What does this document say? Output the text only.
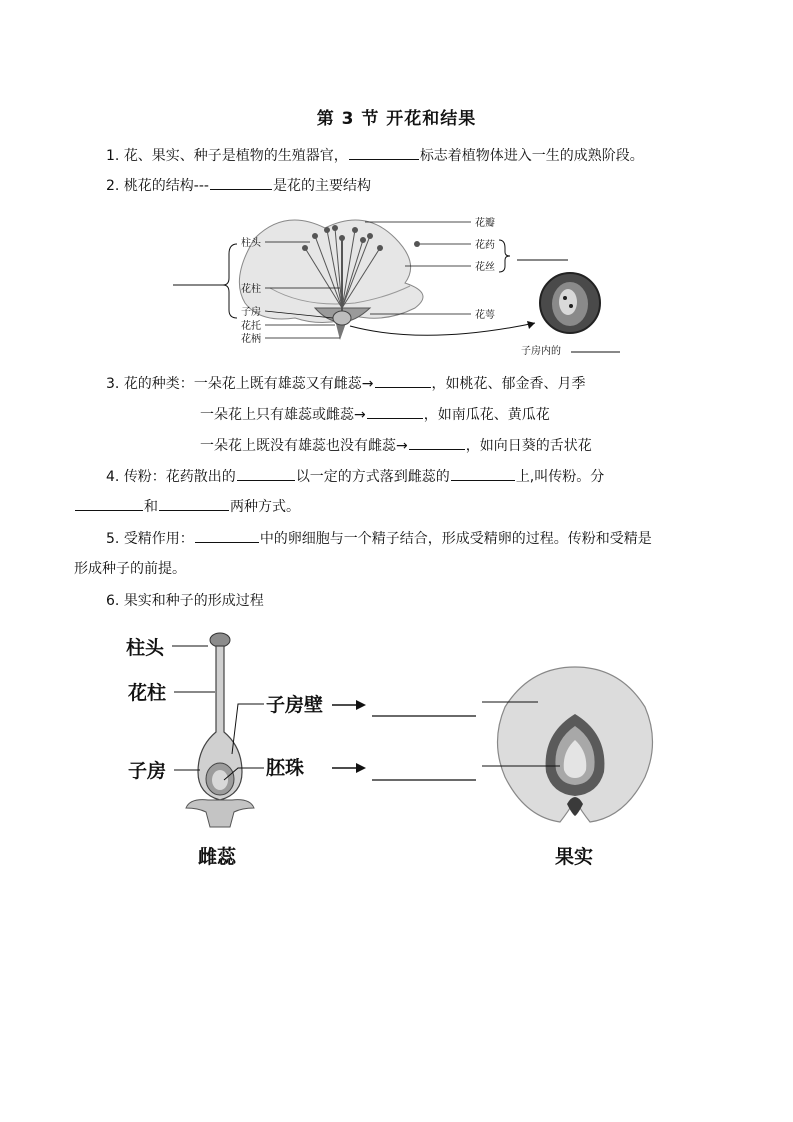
第 3 节 开花和结果
1. 花、果实、种子是植物的生殖器官，	标志着植物体进入一生的成熟阶段。
2. 桃花的结构---	是花的主要结构
柱头
花柱
子房
花托
花柄
花瓣
花药
花丝
花萼
子房内的
3. 花的种类：一朵花上既有雄蕊又有雌蕊→	，如桃花、郁金香、月季
一朵花上只有雄蕊或雌蕊→	，如南瓜花、黄瓜花
一朵花上既没有雄蕊也没有雌蕊→	，如向日葵的舌状花
4. 传粉：花药散出的	以一定的方式落到雌蕊的	上,叫传粉。分
和	两种方式。
5. 受精作用：	中的卵细胞与一个精子结合，形成受精卵的过程。传粉和受精是
形成种子的前提。
6. 果实和种子的形成过程
柱头
花柱
子房
子房壁
胚珠
雌蕊	果实
